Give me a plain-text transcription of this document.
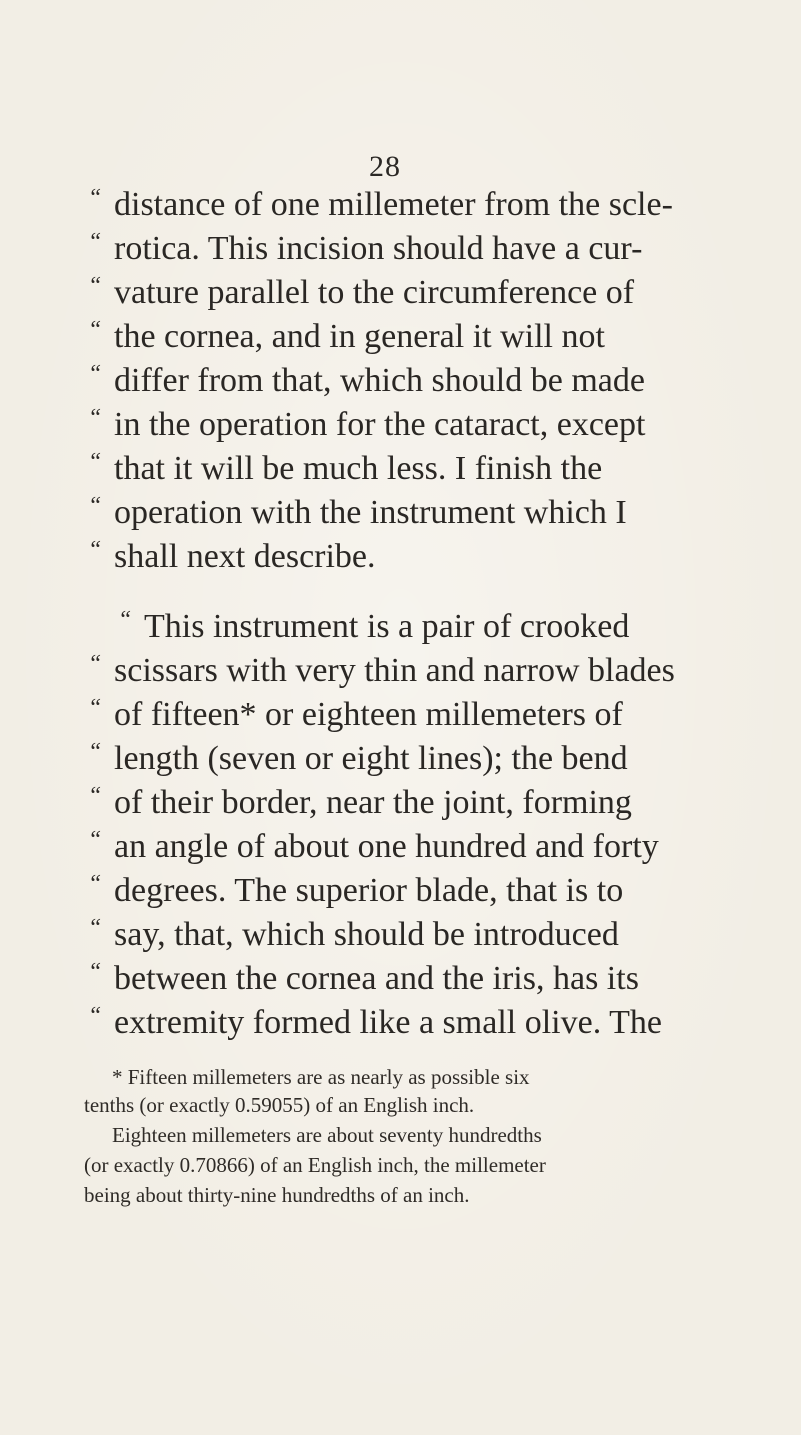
28
“ distance of one millemeter from the scle-
“ rotica. This incision should have a cur-
“ vature parallel to the circumference of
“ the cornea, and in general it will not
“ differ from that, which should be made
“ in the operation for the cataract, except
“ that it will be much less. I finish the
“ operation with the instrument which I
“ shall next describe.
“ This instrument is a pair of crooked
“ scissars with very thin and narrow blades
“ of fifteen* or eighteen millemeters of
“ length (seven or eight lines); the bend
“ of their border, near the joint, forming
“ an angle of about one hundred and forty
“ degrees. The superior blade, that is to
“ say, that, which should be introduced
“ between the cornea and the iris, has its
“ extremity formed like a small olive. The
* Fifteen millemeters are as nearly as possible six
tenths (or exactly 0.59055) of an English inch.
Eighteen millemeters are about seventy hundredths
(or exactly 0.70866) of an English inch, the millemeter
being about thirty-nine hundredths of an inch.
